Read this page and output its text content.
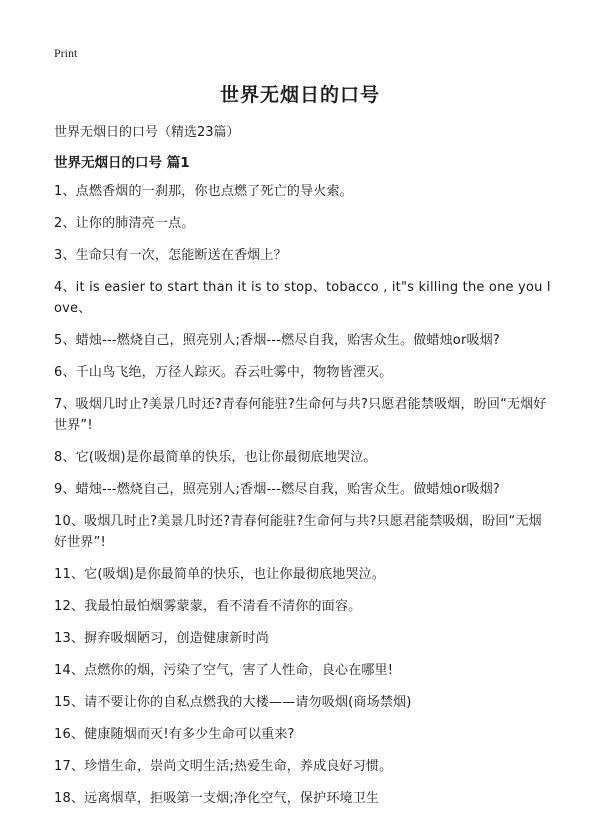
Print
世界无烟日的口号
世界无烟日的口号（精选23篇）
世界无烟日的口号 篇1
1、点燃香烟的一刹那，你也点燃了死亡的导火索。
2、让你的肺清亮一点。
3、生命只有一次，怎能断送在香烟上？
4、it is easier to start than it is to stop、tobacco , it"s killing the one you love、
5、蜡烛---燃烧自己，照亮别人;香烟---燃尽自我，贻害众生。做蜡烛or吸烟?
6、千山鸟飞绝，万径人踪灭。吞云吐雾中，物物皆湮灭。
7、吸烟几时止?美景几时还?青春何能驻?生命何与共?只愿君能禁吸烟，盼回“无烟好世界”!
8、它(吸烟)是你最简单的快乐，也让你最彻底地哭泣。
9、蜡烛---燃烧自己，照亮别人;香烟---燃尽自我，贻害众生。做蜡烛or吸烟?
10、吸烟几时止?美景几时还?青春何能驻?生命何与共?只愿君能禁吸烟，盼回“无烟好世界”!
11、它(吸烟)是你最简单的快乐，也让你最彻底地哭泣。
12、我最怕最怕烟雾蒙蒙，看不清看不清你的面容。
13、摒弃吸烟陋习，创造健康新时尚
14、点燃你的烟，污染了空气，害了人性命，良心在哪里!
15、请不要让你的自私点燃我的大楼——请勿吸烟(商场禁烟)
16、健康随烟而灭!有多少生命可以重来?
17、珍惜生命，崇尚文明生活;热爱生命，养成良好习惯。
18、远离烟草，拒吸第一支烟;净化空气，保护环境卫生
